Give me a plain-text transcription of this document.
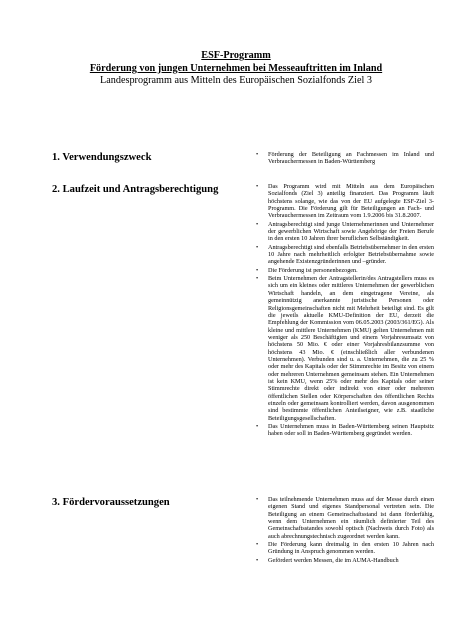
ESF-Programm
Förderung von jungen Unternehmen bei Messeauftritten im Inland
Landesprogramm aus Mitteln des Europäischen Sozialfonds Ziel 3
1. Verwendungszweck	• Förderung der Beteiligung an Fachmessen im Inland und Verbrauchermessen in Baden-Württemberg
2. Laufzeit und Antragsberechtigung	• Das Programm wird mit Mitteln aus dem Europäischen Sozialfonds (Ziel 3) anteilig finanziert. Das Programm läuft höchstens solange, wie das von der EU aufgelegte ESF-Ziel 3-Programm. Die Förderung gilt für Beteiligungen an Fach- und Verbrauchermessen im Zeitraum vom 1.9.2006 bis 31.8.2007.
• Antragsberechtigt sind junge Unternehmerinnen und Unternehmer der gewerblichen Wirtschaft sowie Angehörige der Freien Berufe in den ersten 10 Jahren ihrer beruflichen Selbständigkeit.
• Antragsberechtigt sind ebenfalls Betriebsübernehmer in den ersten 10 Jahre nach mehrheitlich erfolgter Betriebsübernahme sowie angehende Existenzgründerinnen und –gründer.
• Die Förderung ist personenbezogen.
• Beim Unternehmen der Antragstellerin/des Antragstellers muss es sich um ein kleines oder mittleres Unternehmen der gewerblichen Wirtschaft handeln, an dem eingetragene Vereine, als gemeinnützig anerkannte juristische Personen oder Religionsgemeinschaften nicht mit Mehrheit beteiligt sind. Es gilt die jeweils aktuelle KMU-Definition der EU, derzeit die Empfehlung der Kommission vom 06.05.2003 (2003/361/EG). Als kleine und mittlere Unternehmen (KMU) gelten Unternehmen mit weniger als 250 Beschäftigten und einem Vorjahresumsatz von höchstens 50 Mio. € oder einer Vorjahresbilanzsumme von höchstens 43 Mio. € (einschließlich aller verbundenen Unternehmen). Verbunden sind u. a. Unternehmen, die zu 25 % oder mehr des Kapitals oder der Stimmrechte im Besitz von einem oder mehreren Unternehmen gemeinsam stehen. Ein Unternehmen ist kein KMU, wenn 25% oder mehr des Kapitals oder seiner Stimmrechte direkt oder indirekt von einer oder mehreren öffentlichen Stellen oder Körperschaften des öffentlichen Rechts einzeln oder gemeinsam kontrolliert werden, davon ausgenommen sind bestimmte öffentlichen Anteilseigner, wie z.B. staatliche Beteiligungsgesellschaften.
• Das Unternehmen muss in Baden-Württemberg seinen Hauptsitz haben oder soll in Baden-Württemberg gegründet werden.
3. Fördervoraussetzungen	• Das teilnehmende Unternehmen muss auf der Messe durch einen eigenen Stand und eigenes Standpersonal vertreten sein. Die Beteiligung an einem Gemeinschaftsstand ist dann förderfähig, wenn dem Unternehmen ein räumlich definierter Teil des Gemeinschaftsstandes sowohl optisch (Nachweis durch Foto) als auch abrechnungstechnisch zugeordnet werden kann.
• Die Förderung kann dreimalig in den ersten 10 Jahren nach Gründung in Anspruch genommen werden.
• Gefördert werden Messen, die im AUMA-Handbuch
